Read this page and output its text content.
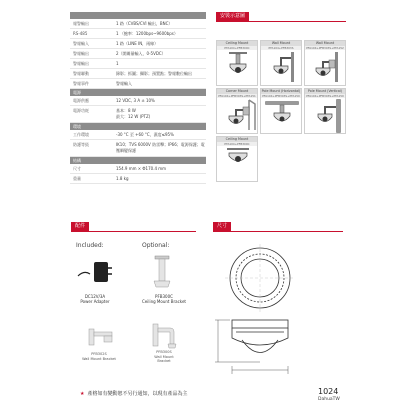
報警輸出	1 路（CVBS/CVI 輸出，BNC）
RS-485	1 （鮑率：1200bps~9600bps）
警報輸入	1 路（LINE IN，兩線）
警報輸出	2（開關量輸入，0-5VDC）
警報輸出	1
警報聯動	錄影；抓圖；攝影；預置點；警報數位輸出
警報事件	警報輸入
電源
電源供應	12 VDC, 3 A ± 10%
電源功耗	基本：8 W
最大：12 W (PTZ)
環境
工作環境	-30 °C 至 +60 °C，濕度≤95%
防護等級	IK10；TVS 6000V 防雷擊；IP66；電源保護；電壓瞬變保護
結構
尺寸	154.9 mm × Φ170.4 mm
重量	1.8 kg
安裝示意圖
Ceiling Mount
PFA104+PFB300C
Wall Mount
PFA104+PFB303S
Wall Mount
PFA104+PFB303S+PFA152
Corner Mount
PFA104+PFB303S+PFA151
Pole Mount (Horizontal)
PFA104+PFB303S+PFA150
Pole Mount (Vertical)
PFA104+PFB303S+PFA150
Ceiling Mount
PFA104+PFB300C
配件
Included:	Optional:
DC12V/3A
Power Adapter
PFB300C
Ceiling Mount Bracket
PFB302S
Wall Mount Bracket
PFB300S
Wall Mount
Bracket
尺寸
★ 產格如有變動恕不另行通知，以現有產品為主	1024
DahuaTW
